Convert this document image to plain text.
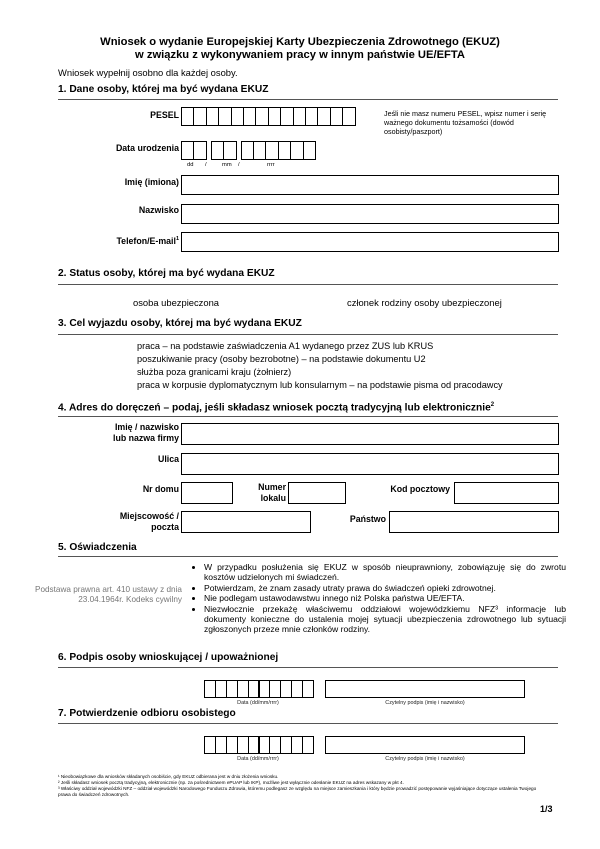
Wniosek o wydanie Europejskiej Karty Ubezpieczenia Zdrowotnego (EKUZ)
w związku z wykonywaniem pracy w innym państwie UE/EFTA
Wniosek wypełnij osobno dla każdej osoby.
1. Dane osoby, której ma być wydana EKUZ
PESEL	Jeśli nie masz numeru PESEL, wpisz numer i serię ważnego dokumentu tożsamości (dowód osobisty/paszport)
Data urodzenia
dd /	mm /	rrrr
Imię (imiona)
Nazwisko
Telefon/E-mail$^1$
2. Status osoby, której ma być wydana EKUZ
osoba ubezpieczona	członek rodziny osoby ubezpieczonej
3. Cel wyjazdu osoby, której ma być wydana EKUZ
praca – na podstawie zaświadczenia A1 wydanego przez ZUS lub KRUS
poszukiwanie pracy (osoby bezrobotne) – na podstawie dokumentu U2
służba poza granicami kraju (żołnierz)
praca w korpusie dyplomatycznym lub konsularnym – na podstawie pisma od pracodawcy
4. Adres do doręczeń – podaj, jeśli składasz wniosek pocztą tradycyjną lub elektronicznie$^2$
Imię / nazwisko
lub nazwa firmy
Ulica
Nr domu	Numer
lokalu
Kod pocztowy
Miejscowość /
poczta
Państwo
5. Oświadczenia
Podstawa prawna art. 410 ustawy z dnia 23.04.1964r. Kodeks cywilny
• W przypadku posłużenia się EKUZ w sposób nieuprawniony, zobowiązuję się do zwrotu kosztów udzielonych mi świadczeń.
• Potwierdzam, że znam zasady utraty prawa do świadczeń opieki zdrowotnej.
• Nie podlegam ustawodawstwu innego niż Polska państwa UE/EFTA.
• Niezwłocznie przekażę właściwemu oddziałowi wojewódzkiemu NFZ³ informacje lub dokumenty konieczne do ustalenia mojej sytuacji ubezpieczenia zdrowotnego lub sytuacji zgłoszonych przeze mnie członków rodziny.
6. Podpis osoby wnioskującej / upoważnionej
Data (dd/mm/rrrr)	Czytelny podpis (imię i nazwisko)
7. Potwierdzenie odbioru osobistego
Data (dd/mm/rrrr)	Czytelny podpis (imię i nazwisko)
¹ Nieobowiązkowe dla wniosków składanych osobiście, gdy EKUZ odbierana jest w dniu złożenia wniosku.
² Jeśli składasz wniosek pocztą tradycyjną, elektronicznie (np. za pośrednictwem ePUAP lub IKP), możliwe jest wyłącznie odesłanie EKUZ na adres wskazany w pkt 4.
³ Właściwy oddział wojewódzki NFZ – oddział wojewódzki Narodowego Funduszu Zdrowia, któremu podlegasz ze względu na miejsce zamieszkania i który będzie prowadzić postępowanie wyjaśniające dotyczące ustalenia Twojego prawa do świadczeń zdrowotnych.
1/3
